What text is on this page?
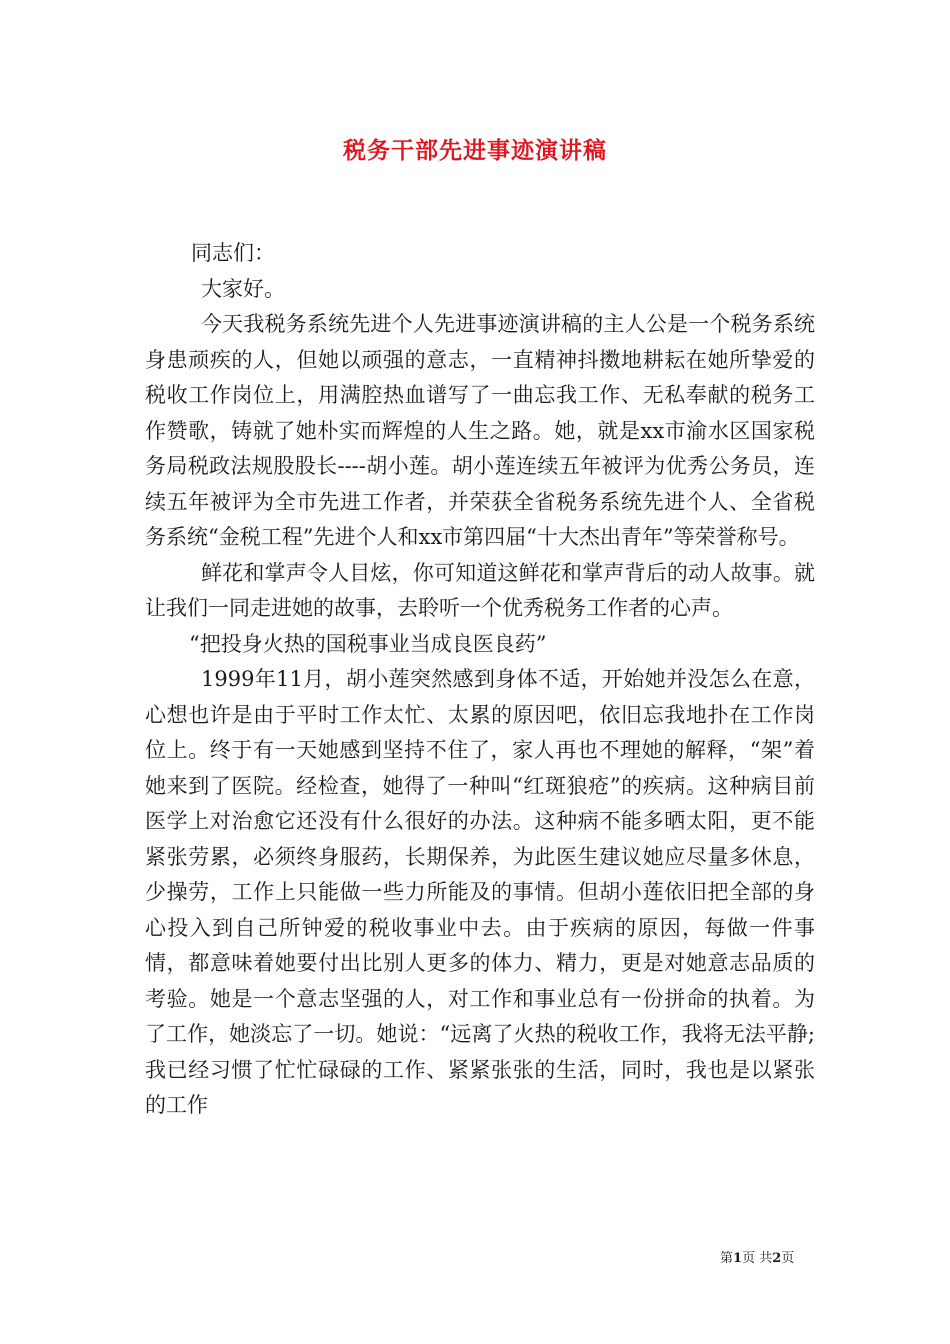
税务干部先进事迹演讲稿

同志们：

大家好。

今天我税务系统先进个人先进事迹演讲稿的主人公是一个税务系统身患顽疾的人，但她以顽强的意志，一直精神抖擞地耕耘在她所挚爱的税收工作岗位上，用满腔热血谱写了一曲忘我工作、无私奉献的税务工作赞歌，铸就了她朴实而辉煌的人生之路。她，就是xx市渝水区国家税务局税政法规股股长----胡小莲。胡小莲连续五年被评为优秀公务员，连续五年被评为全市先进工作者，并荣获全省税务系统先进个人、全省税务系统“金税工程”先进个人和xx市第四届“十大杰出青年”等荣誉称号。

鲜花和掌声令人目炫，你可知道这鲜花和掌声背后的动人故事。就让我们一同走进她的故事，去聆听一个优秀税务工作者的心声。

“把投身火热的国税事业当成良医良药”

1999年11月，胡小莲突然感到身体不适，开始她并没怎么在意，心想也许是由于平时工作太忙、太累的原因吧，依旧忘我地扑在工作岗位上。终于有一天她感到坚持不住了，家人再也不理她的解释，“架”着她来到了医院。经检查，她得了一种叫“红斑狼疮”的疾病。这种病目前医学上对治愈它还没有什么很好的办法。这种病不能多晒太阳，更不能紧张劳累，必须终身服药，长期保养，为此医生建议她应尽量多休息，少操劳，工作上只能做一些力所能及的事情。但胡小莲依旧把全部的身心投入到自己所钟爱的税收事业中去。由于疾病的原因，每做一件事情，都意味着她要付出比别人更多的体力、精力，更是对她意志品质的考验。她是一个意志坚强的人，对工作和事业总有一份拼命的执着。为了工作，她淡忘了一切。她说：“远离了火热的税收工作，我将无法平静;我已经习惯了忙忙碌碌的工作、紧紧张张的生活，同时，我也是以紧张的工作

第1页 共2页
